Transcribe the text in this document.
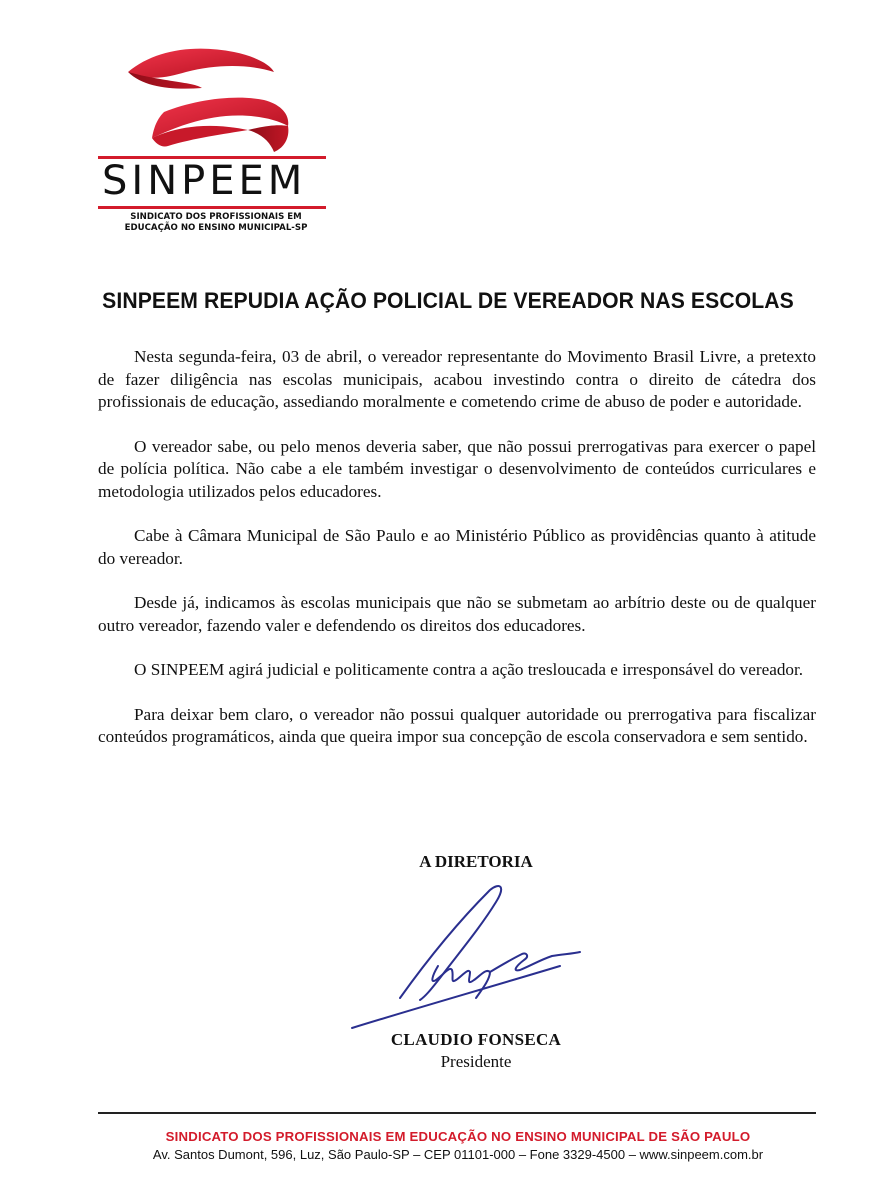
SINPEEM
SINDICATO DOS PROFISSIONAIS EM
EDUCAÇÃO NO ENSINO MUNICIPAL-SP
SINPEEM REPUDIA AÇÃO POLICIAL DE VEREADOR NAS ESCOLAS

Nesta segunda-feira, 03 de abril, o vereador representante do Movimento Brasil Livre, a pretexto de fazer diligência nas escolas municipais, acabou investindo contra o direito de cátedra dos profissionais de educação, assediando moralmente e cometendo crime de abuso de poder e autoridade.

O vereador sabe, ou pelo menos deveria saber, que não possui prerrogativas para exercer o papel de polícia política. Não cabe a ele também investigar o desenvolvimento de conteúdos curriculares e metodologia utilizados pelos educadores.

Cabe à Câmara Municipal de São Paulo e ao Ministério Público as providências quanto à atitude do vereador.

Desde já, indicamos às escolas municipais que não se submetam ao arbítrio deste ou de qualquer outro vereador, fazendo valer e defendendo os direitos dos educadores.

O SINPEEM agirá judicial e politicamente contra a ação tresloucada e irresponsável do vereador.

Para deixar bem claro, o vereador não possui qualquer autoridade ou prerrogativa para fiscalizar conteúdos programáticos, ainda que queira impor sua concepção de escola conservadora e sem sentido.

A DIRETORIA
CLAUDIO FONSECA
Presidente
SINDICATO DOS PROFISSIONAIS EM EDUCAÇÃO NO ENSINO MUNICIPAL DE SÃO PAULO
Av. Santos Dumont, 596, Luz, São Paulo-SP – CEP 01101-000 – Fone 3329-4500 – www.sinpeem.com.br
